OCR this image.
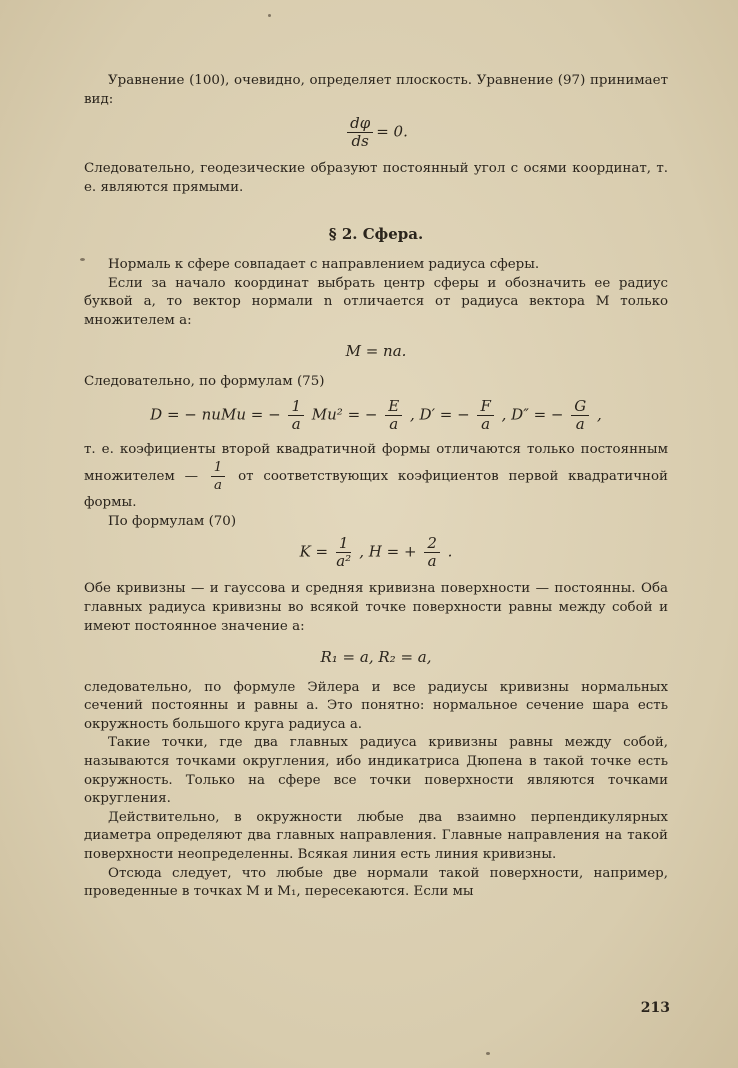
Уравнение (100), очевидно, определяет плоскость. Уравнение (97) принимает вид:

$\frac{d\varphi}{ds} = 0$.

Следовательно, геодезические образуют постоянный угол с осями координат, т. е. являются прямыми.

§ 2. Сфера.

Нормаль к сфере совпадает с направлением радиуса сферы.

Если за начало координат выбрать центр сферы и обозначить ее радиус буквой a, то вектор нормали n отличается от радиуса вектора M только множителем a:

M = na.

Следовательно, по формулам (75)

D = − nuMu = − $\frac{1}{a} Mu^2$ = − $\frac{E}{a}$ , D′ = − $\frac{F}{a}$ , D″ = − $\frac{G}{a}$ ,

т. е. коэфициенты второй квадратичной формы отличаются только постоянным множителем — $\frac{1}{a}$ от соответствующих коэфициентов первой квадратичной формы.

По формулам (70)

$K = \frac{1}{\text{a²}}$ , H = + $\frac{2}{a}$ .

Обе кривизны — и гауссова и средняя кривизна поверхности — постоянны. Оба главных радиуса кривизны во всякой точке поверхности равны между собой и имеют постоянное значение a:

R₁ = a, R₂ = a,

следовательно, по формуле Эйлера и все радиусы кривизны нормальных сечений постоянны и равны a. Это понятно: нормальное сечение шара есть окружность большого круга радиуса a.

Такие точки, где два главных радиуса кривизны равны между собой, называются точками округления, ибо индикатриса Дюпена в такой точке есть окружность. Только на сфере все точки поверхности являются точками округления.

Действительно, в окружности любые два взаимно перпендикулярных диаметра определяют два главных направления. Главные направления на такой поверхности неопределенны. Всякая линия есть линия кривизны.

Отсюда следует, что любые две нормали такой поверхности, например, проведенные в точках M и M₁, пересекаются. Если мы

213
